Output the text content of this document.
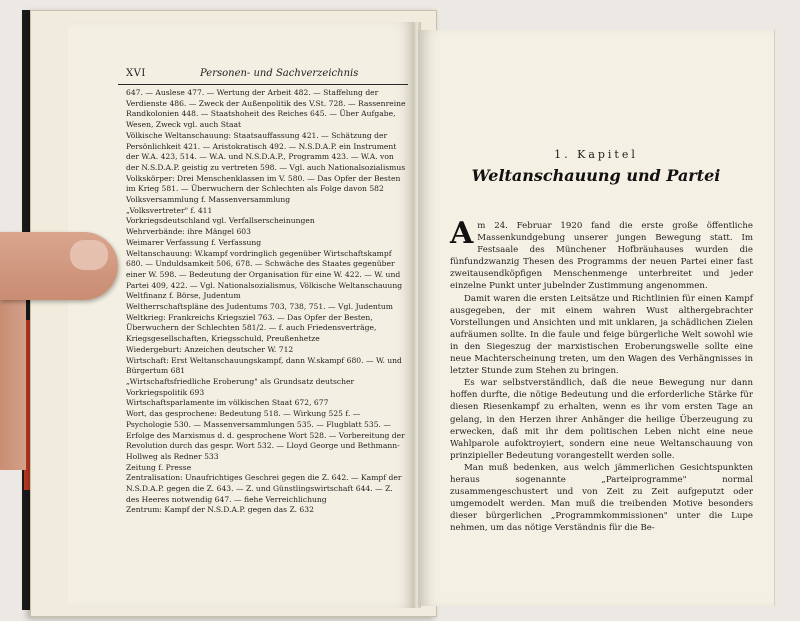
XVI	Personen- und Sachverzeichnis

647. — Auslese 477. — Wertung der Arbeit 482. — Staffelung der Verdienste 486. — Zweck der Außenpolitik des V.St. 728. — Rassenreine Randkolonien 448. — Staatshoheit des Reiches 645. — Über Aufgabe, Wesen, Zweck vgl. auch Staat

Völkische Weltanschauung: Staatsauffassung 421. — Schätzung der Persönlichkeit 421. — Aristokratisch 492. — N.S.D.A.P. ein Instrument der W.A. 423, 514. — W.A. und N.S.D.A.P., Programm 423. — W.A. von der N.S.D.A.P. geistig zu vertreten 598. — Vgl. auch Nationalsozialismus

Volkskörper: Drei Menschenklassen im V. 580. — Das Opfer der Besten im Krieg 581. — Überwuchern der Schlechten als Folge davon 582

Volksversammlung f. Massenversammlung

„Volksvertreter" f. 411

Vorkriegsdeutschland vgl. Verfallserscheinungen

Wehrverbände: ihre Mängel 603

Weimarer Verfassung f. Verfassung

Weltanschauung: W.kampf vordringlich gegenüber Wirtschaftskampf 680. — Unduldsamkeit 506, 678. — Schwäche des Staates gegenüber einer W. 598. — Bedeutung der Organisation für eine W. 422. — W. und Partei 409, 422. — Vgl. Nationalsozialismus, Völkische Weltanschauung

Weltfinanz f. Börse, Judentum

Weltherrschaftspläne des Judentums 703, 738, 751. — Vgl. Judentum

Weltkrieg: Frankreichs Kriegsziel 763. — Das Opfer der Besten, Überwuchern der Schlechten 581/2. — f. auch Friedensverträge, Kriegsgesellschaften, Kriegsschuld, Preußenhetze

Wiedergeburt: Anzeichen deutscher W. 712

Wirtschaft: Erst Weltanschauungskampf, dann W.skampf 680. — W. und Bürgertum 681

„Wirtschaftsfriedliche Eroberung" als Grundsatz deutscher Vorkriegspolitik 693

Wirtschaftsparlamente im völkischen Staat 672, 677

Wort, das gesprochene: Bedeutung 518. — Wirkung 525 f. — Psychologie 530. — Massenversammlungen 535. — Flugblatt 535. — Erfolge des Marxismus d. d. gesprochene Wort 528. — Vorbereitung der Revolution durch das gespr. Wort 532. — Lloyd George und Bethmann-Hollweg als Redner 533

Zeitung f. Presse

Zentralisation: Unaufrichtiges Geschrei gegen die Z. 642. — Kampf der N.S.D.A.P. gegen die Z. 643. — Z. und Günstlingswirtschaft 644. — Z. des Heeres notwendig 647. — fiehe Verreichlichung

Zentrum: Kampf der N.S.D.A.P. gegen das Z. 632

1. Kapitel
Weltanschauung und Partei

Am 24. Februar 1920 fand die erste große öffentliche Massenkundgebung unserer jungen Bewegung statt. Im Festsaale des Münchener Hofbräuhauses wurden die fünfundzwanzig Thesen des Programms der neuen Partei einer fast zweitausendköpfigen Menschenmenge unterbreitet und jeder einzelne Punkt unter jubelnder Zustimmung angenommen.

Damit waren die ersten Leitsätze und Richtlinien für einen Kampf ausgegeben, der mit einem wahren Wust althergebrachter Vorstellungen und Ansichten und mit unklaren, ja schädlichen Zielen aufräumen sollte. In die faule und feige bürgerliche Welt sowohl wie in den Siegeszug der marxistischen Eroberungswelle sollte eine neue Machterscheinung treten, um den Wagen des Verhängnisses in letzter Stunde zum Stehen zu bringen.

Es war selbstverständlich, daß die neue Bewegung nur dann hoffen durfte, die nötige Bedeutung und die erforderliche Stärke für diesen Riesenkampf zu erhalten, wenn es ihr vom ersten Tage an gelang, in den Herzen ihrer Anhänger die heilige Überzeugung zu erwecken, daß mit ihr dem politischen Leben nicht eine neue Wahlparole aufoktroyiert, sondern eine neue Weltanschauung von prinzipieller Bedeutung vorangestellt werden solle.

Man muß bedenken, aus welch jämmerlichen Gesichtspunkten heraus sogenannte „Parteiprogramme" normal zusammengeschustert und von Zeit zu Zeit aufgeputzt oder umgemodelt werden. Man muß die treibenden Motive besonders dieser bürgerlichen „Programmkommissionen" unter die Lupe nehmen, um das nötige Verständnis für die Be-
